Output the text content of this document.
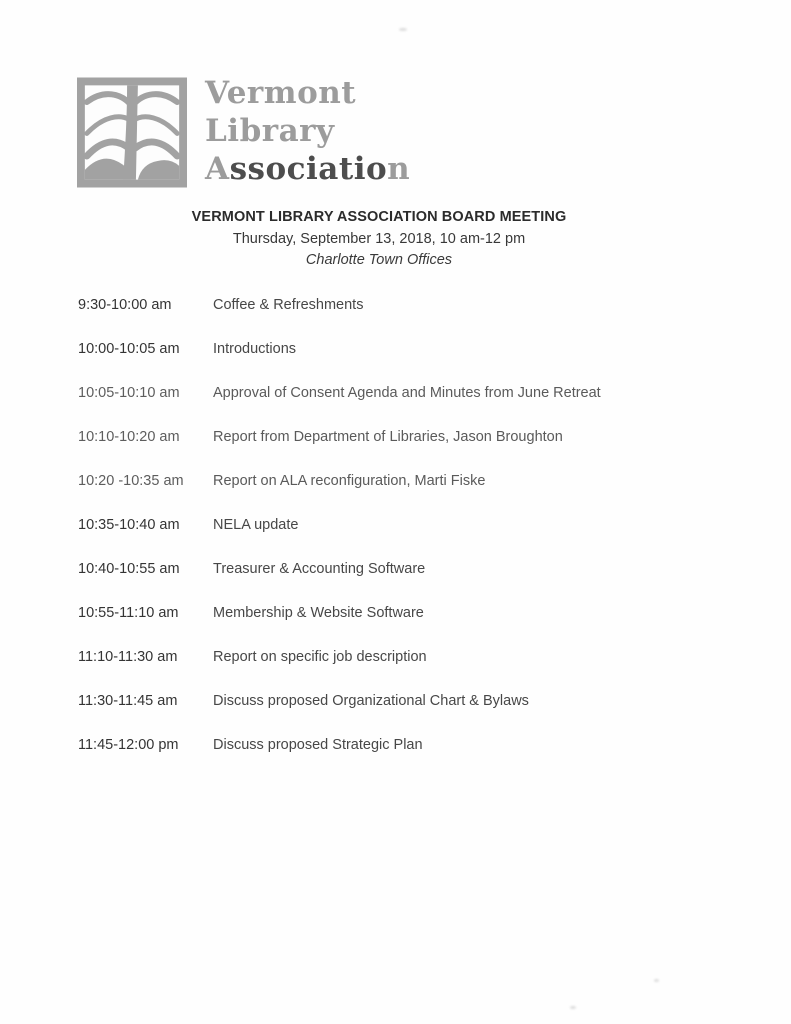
Vermont
Library
Association
VERMONT LIBRARY ASSOCIATION BOARD MEETING
Thursday, September 13, 2018, 10 am-12 pm
Charlotte Town Offices
9:30-10:00 am	Coffee & Refreshments
10:00-10:05 am Introductions
10:05-10:10 am Approval of Consent Agenda and Minutes from June Retreat
10:10-10:20 am Report from Department of Libraries, Jason Broughton
10:20 -10:35 am Report on ALA reconfiguration, Marti Fiske
10:35-10:40 am NELA update
10:40-10:55 am Treasurer & Accounting Software
10:55-11:10 am Membership & Website Software
11:10-11:30 am Report on specific job description
11:30-11:45 am Discuss proposed Organizational Chart & Bylaws
11:45-12:00 pm Discuss proposed Strategic Plan
